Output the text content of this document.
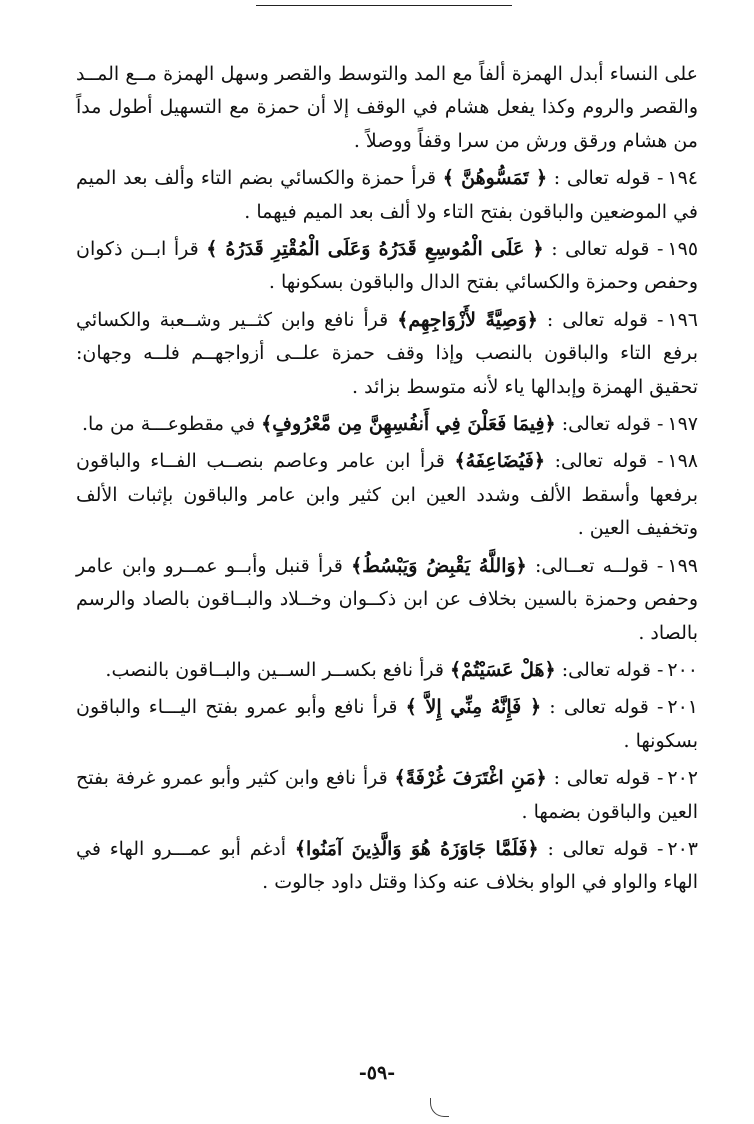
على النساء أبدل الهمزة ألفاً مع المد والتوسط والقصر وسهل الهمزة مــع المــد والقصر والروم وكذا يفعل هشام في الوقف إلا أن حمزة مع التسهيل أطول مداً من هشام ورقق ورش من سرا وقفاً ووصلاً .

١٩٤- قوله تعالى : ﴿ تَمَسُّوهُنَّ ﴾ قرأ حمزة والكسائي بضم التاء وألف بعد الميم في الموضعين والباقون بفتح التاء ولا ألف بعد الميم فيهما .

١٩٥- قوله تعالى : ﴿ عَلَى الْمُوسِعِ قَدَرُهُ وَعَلَى الْمُقْتِرِ قَدَرُهُ ﴾ قرأ ابــن ذكوان وحفص وحمزة والكسائي بفتح الدال والباقون بسكونها .

١٩٦- قوله تعالى : ﴿وَصِيَّةً لأَزْوَاجِهِم﴾ قرأ نافع وابن كثــير وشــعبة والكسائي برفع التاء والباقون بالنصب وإذا وقف حمزة علــى أزواجهــم فلــه وجهان: تحقيق الهمزة وإبدالها ياء لأنه متوسط بزائد .

١٩٧- قوله تعالى: ﴿فِيمَا فَعَلْنَ فِي أَنفُسِهِنَّ مِن مَّعْرُوفٍ﴾ في مقطوعـــة من ما.

١٩٨- قوله تعالى: ﴿فَيُضَاعِفَهُ﴾ قرأ ابن عامر وعاصم بنصــب الفــاء والباقون برفعها وأسقط الألف وشدد العين ابن كثير وابن عامر والباقون بإثبات الألف وتخفيف العين .

١٩٩- قولــه تعــالى: ﴿وَاللَّهُ يَقْبِضُ وَيَبْسُطُ﴾ قرأ قنبل وأبــو عمــرو وابن عامر وحفص وحمزة بالسين بخلاف عن ابن ذكــوان وخــلاد والبــاقون بالصاد والرسم بالصاد .

٢٠٠- قوله تعالى: ﴿هَلْ عَسَيْتُمْ﴾ قرأ نافع بكســر الســين والبــاقون بالنصب.

٢٠١- قوله تعالى : ﴿ فَإِنَّهُ مِنِّي إِلاَّ ﴾ قرأ نافع وأبو عمرو بفتح اليـــاء والباقون بسكونها .

٢٠٢- قوله تعالى : ﴿مَنِ اغْتَرَفَ غُرْفَةً﴾ قرأ نافع وابن كثير وأبو عمرو غرفة بفتح العين والباقون بضمها .

٢٠٣- قوله تعالى : ﴿فَلَمَّا جَاوَزَهُ هُوَ وَالَّذِينَ آمَنُوا﴾ أدغم أبو عمـــرو الهاء في الهاء والواو في الواو بخلاف عنه وكذا وقتل داود جالوت .

-٥٩-
